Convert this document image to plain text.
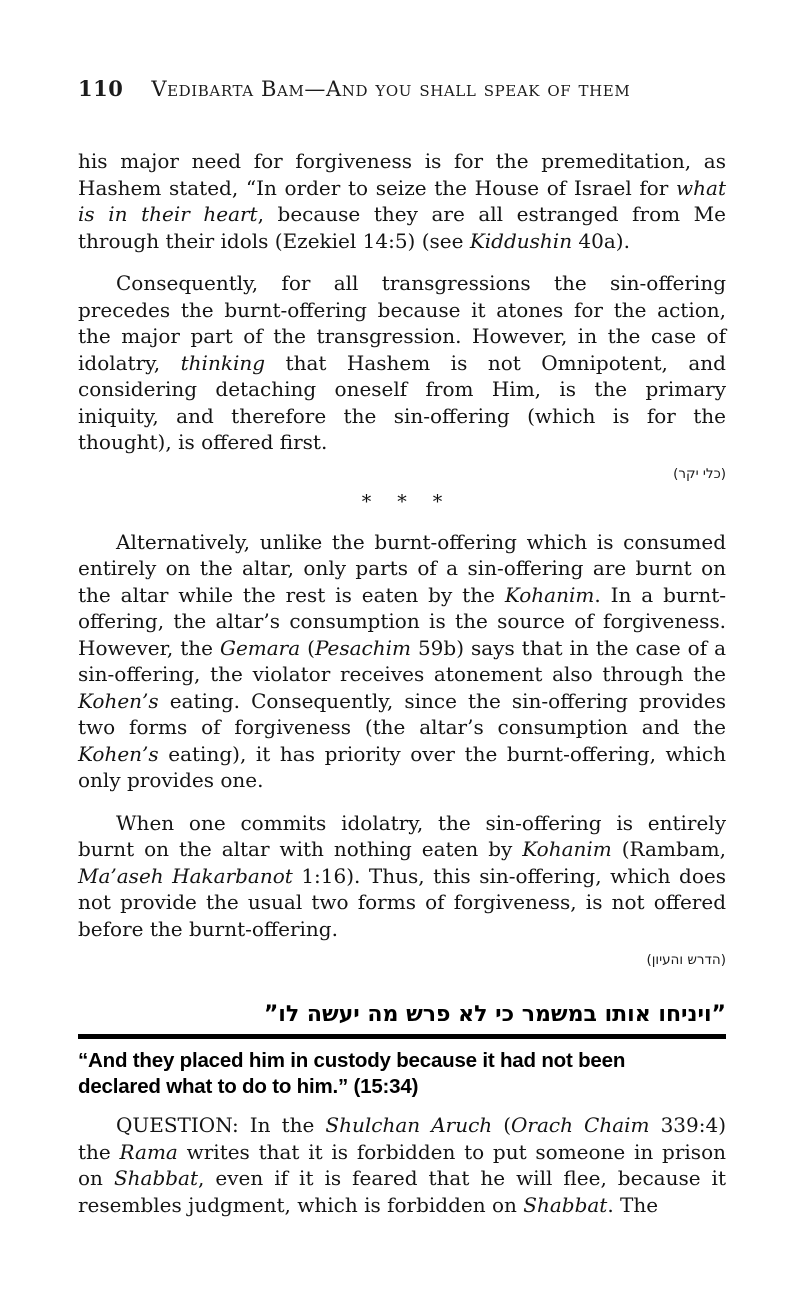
110 Vedibarta Bam—And you shall speak of them

his major need for forgiveness is for the premeditation, as Hashem stated, “In order to seize the House of Israel for what is in their heart, because they are all estranged from Me through their idols (Ezekiel 14:5) (see Kiddushin 40a).

Consequently, for all transgressions the sin-offering precedes the burnt-offering because it atones for the action, the major part of the transgression. However, in the case of idolatry, thinking that Hashem is not Omnipotent, and considering detaching oneself from Him, is the primary iniquity, and therefore the sin-offering (which is for the thought), is offered first.

(כלי יקר)
* * *

Alternatively, unlike the burnt-offering which is consumed entirely on the altar, only parts of a sin-offering are burnt on the altar while the rest is eaten by the Kohanim. In a burnt-offering, the altar’s consumption is the source of forgiveness. However, the Gemara (Pesachim 59b) says that in the case of a sin-offering, the violator receives atonement also through the Kohen’s eating. Consequently, since the sin-offering provides two forms of forgiveness (the altar’s consumption and the Kohen’s eating), it has priority over the burnt-offering, which only provides one.

When one commits idolatry, the sin-offering is entirely burnt on the altar with nothing eaten by Kohanim (Rambam, Ma’aseh Hakarbanot 1:16). Thus, this sin-offering, which does not provide the usual two forms of forgiveness, is not offered before the burnt-offering.

(הדרש והעיון)
”ויניחו אותו במשמר כי לא פרש מה יעשה לו”
“And they placed him in custody because it had not been declared what to do to him.” (15:34)

QUESTION: In the Shulchan Aruch (Orach Chaim 339:4) the Rama writes that it is forbidden to put someone in prison on Shabbat, even if it is feared that he will flee, because it resembles judgment, which is forbidden on Shabbat. The
